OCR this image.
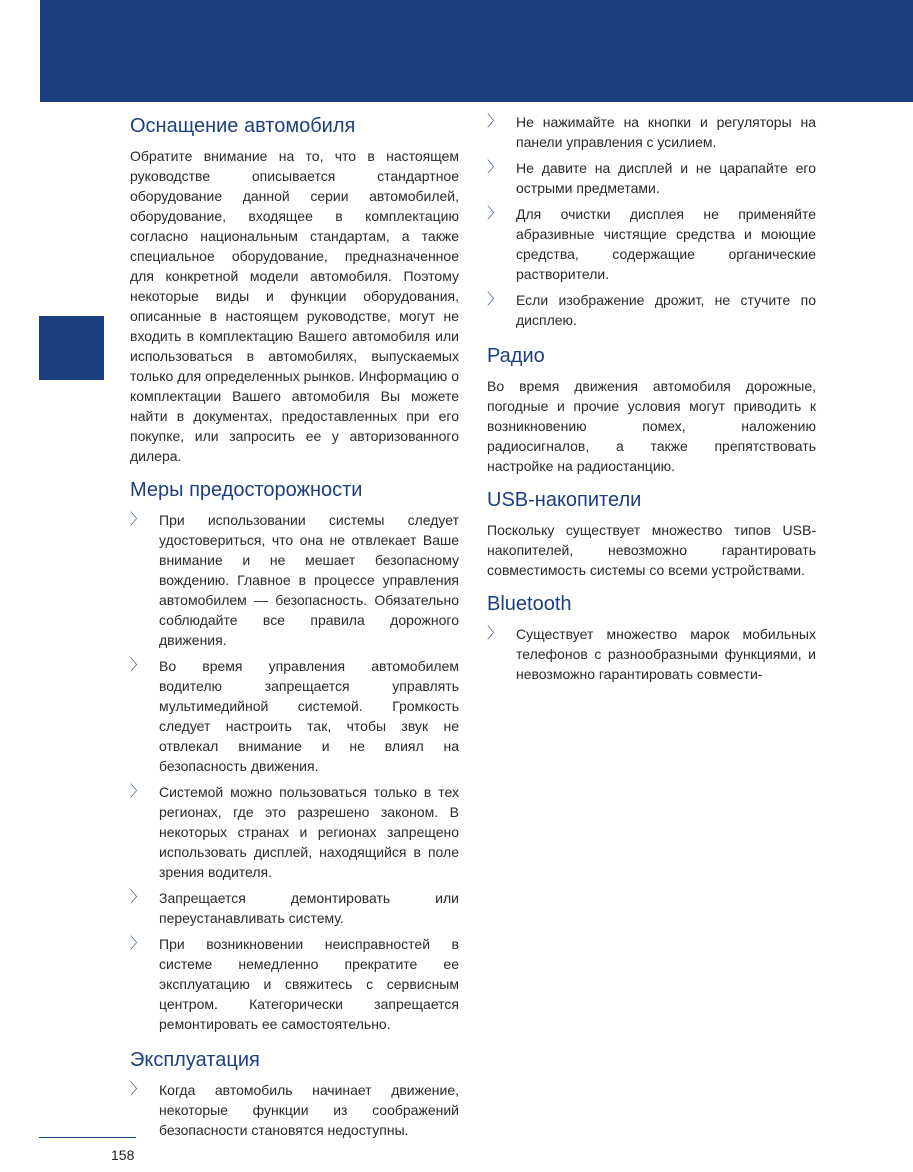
Оснащение автомобиля

Обратите внимание на то, что в настоящем руководстве описывается стандартное оборудование данной серии автомобилей, оборудование, входящее в комплектацию согласно национальным стандартам, а также специальное оборудование, предназначенное для конкретной модели автомобиля. Поэтому некоторые виды и функции оборудования, описанные в настоящем руководстве, могут не входить в комплектацию Вашего автомобиля или использоваться в автомобилях, выпускаемых только для определенных рынков. Информацию о комплектации Вашего автомобиля Вы можете найти в документах, предоставленных при его покупке, или запросить ее у авторизованного дилера.

Меры предосторожности
〉 При использовании системы следует удостовериться, что она не отвлекает Ваше внимание и не мешает безопасному вождению. Главное в процессе управления автомобилем — безопасность. Обязательно соблюдайте все правила дорожного движения.
〉 Во время управления автомобилем водителю запрещается управлять мультимедийной системой. Громкость следует настроить так, чтобы звук не отвлекал внимание и не влиял на безопасность движения.
〉 Системой можно пользоваться только в тех регионах, где это разрешено законом. В некоторых странах и регионах запрещено использовать дисплей, находящийся в поле зрения водителя.
〉 Запрещается демонтировать или переустанавливать систему.
〉 При возникновении неисправностей в системе немедленно прекратите ее эксплуатацию и свяжитесь с сервисным центром. Категорически запрещается ремонтировать ее самостоятельно.
Эксплуатация
〉 Когда автомобиль начинает движение, некоторые функции из соображений безопасности становятся недоступны.
〉 Не нажимайте на кнопки и регуляторы на панели управления с усилием.
〉 Не давите на дисплей и не царапайте его острыми предметами.
〉 Для очистки дисплея не применяйте абразивные чистящие средства и моющие средства, содержащие органические растворители.
〉 Если изображение дрожит, не стучите по дисплею.
Радио

Во время движения автомобиля дорожные, погодные и прочие условия могут приводить к возникновению помех, наложению радиосигналов, а также препятствовать настройке на радиостанцию.

USB-накопители

Поскольку существует множество типов USB-накопителей, невозможно гарантировать совместимость системы со всеми устройствами.

Bluetooth
〉 Существует множество марок мобильных телефонов с разнообразными функциями, и невозможно гарантировать совмести-
158
